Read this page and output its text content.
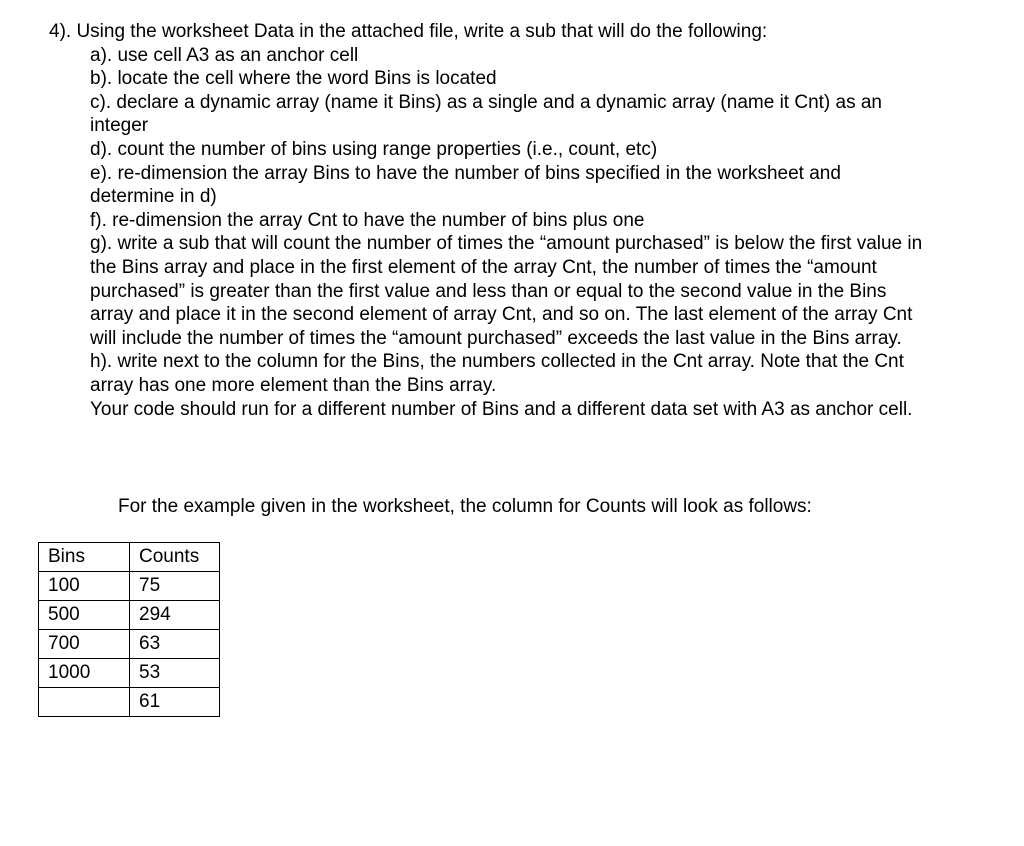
4). Using the worksheet Data in the attached file, write a sub that will do the following:

a). use cell A3 as an anchor cell

b). locate the cell where the word Bins is located

c). declare a dynamic array (name it Bins) as a single and a dynamic array (name it Cnt) as an integer

d). count the number of bins using range properties (i.e., count, etc)

e). re-dimension the array Bins to have the number of bins specified in the worksheet and determine in d)

f). re-dimension the array Cnt to have the number of bins plus one

g). write a sub that will count the number of times the “amount purchased” is below the first value in the Bins array and place in the first element of the array Cnt, the number of times the “amount purchased” is greater than the first value and less than or equal to the second value in the Bins array and place it in the second element of array Cnt, and so on. The last element of the array Cnt will include the number of times the “amount purchased” exceeds the last value in the Bins array.

h). write next to the column for the Bins, the numbers collected in the Cnt array. Note that the Cnt array has one more element than the Bins array.

Your code should run for a different number of Bins and a different data set with A3 as anchor cell.

For the example given in the worksheet, the column for Counts will look as follows:
Bins	Counts
100	75
500	294
700	63
1000	53
	61
